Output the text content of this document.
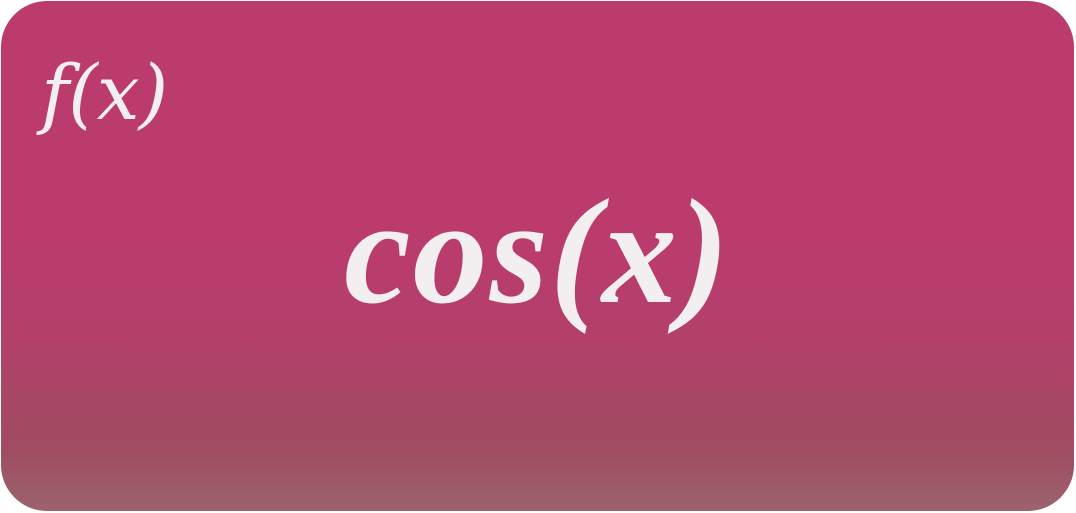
f(x)
cos(x)
